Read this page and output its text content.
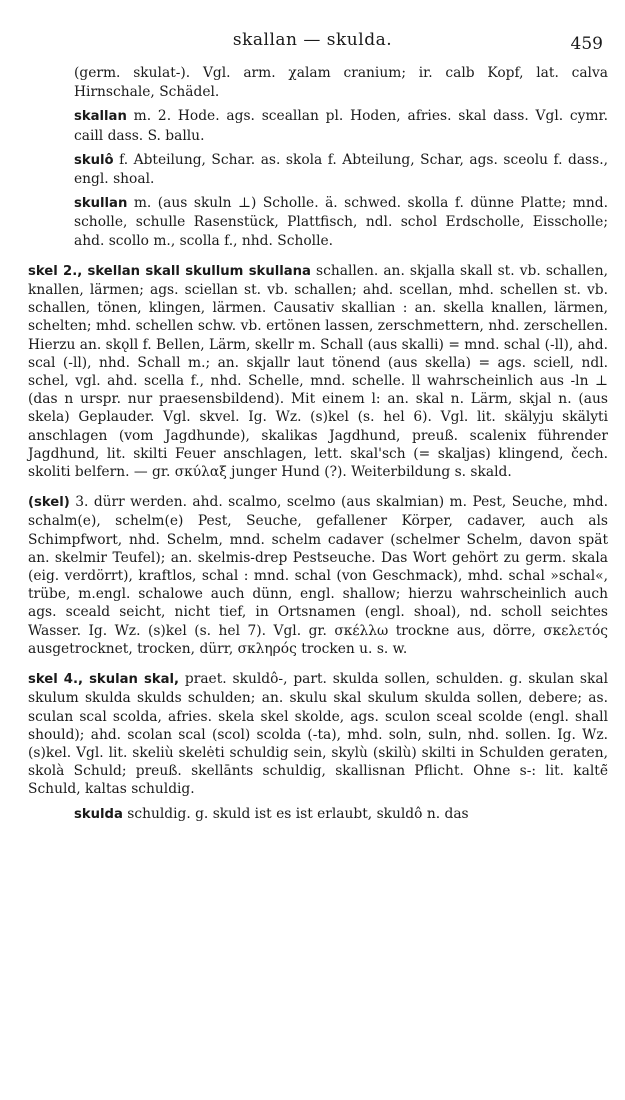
skallan — skulda.	459

(germ. skulat-). Vgl. arm. χalam cranium; ir. calb Kopf, lat. calva Hirnschale, Schädel.

skallan m. 2. Hode. ags. sceallan pl. Hoden, afries. skal dass. Vgl. cymr. caill dass. S. ballu.

skulô f. Abteilung, Schar. as. skola f. Abteilung, Schar, ags. sceolu f. dass., engl. shoal.

skullan m. (aus skuln ⊥) Scholle. ä. schwed. skolla f. dünne Platte; mnd. scholle, schulle Rasenstück, Plattfisch, ndl. schol Erdscholle, Eisscholle; ahd. scollo m., scolla f., nhd. Scholle.

skel 2., skellan skall skullum skullana schallen. an. skjalla skall st. vb. schallen, knallen, lärmen; ags. sciellan st. vb. schallen; ahd. scellan, mhd. schellen st. vb. schallen, tönen, klingen, lärmen. Causativ skallian : an. skella knallen, lärmen, schelten; mhd. schellen schw. vb. ertönen lassen, zerschmettern, nhd. zerschellen. Hierzu an. skǫll f. Bellen, Lärm, skellr m. Schall (aus skalli) = mnd. schal (-ll), ahd. scal (-ll), nhd. Schall m.; an. skjallr laut tönend (aus skella) = ags. sciell, ndl. schel, vgl. ahd. scella f., nhd. Schelle, mnd. schelle. ll wahrscheinlich aus -ln ⊥ (das n urspr. nur praesensbildend). Mit einem l: an. skal n. Lärm, skjal n. (aus skela) Geplauder. Vgl. skvel. Ig. Wz. (s)kel (s. hel 6). Vgl. lit. skälyju skälyti anschlagen (vom Jagdhunde), skalikas Jagdhund, preuß. scalenix führender Jagdhund, lit. skilti Feuer anschlagen, lett. skal'sch (= skaljas) klingend, čech. skoliti belfern. — gr. σκύλαξ junger Hund (?). Weiterbildung s. skald.

(skel) 3. dürr werden. ahd. scalmo, scelmo (aus skalmian) m. Pest, Seuche, mhd. schalm(e), schelm(e) Pest, Seuche, gefallener Körper, cadaver, auch als Schimpfwort, nhd. Schelm, mnd. schelm cadaver (schelmer Schelm, davon spät an. skelmir Teufel); an. skelmis-drep Pestseuche. Das Wort gehört zu germ. skala (eig. verdörrt), kraftlos, schal : mnd. schal (von Geschmack), mhd. schal »schal«, trübe, m.engl. schalowe auch dünn, engl. shallow; hierzu wahrscheinlich auch ags. sceald seicht, nicht tief, in Ortsnamen (engl. shoal), nd. scholl seichtes Wasser. Ig. Wz. (s)kel (s. hel 7). Vgl. gr. σκέλλω trockne aus, dörre, σκελετός ausgetrocknet, trocken, dürr, σκληρός trocken u. s. w.

skel 4., skulan skal, praet. skuldô-, part. skulda sollen, schulden. g. skulan skal skulum skulda skulds schulden; an. skulu skal skulum skulda sollen, debere; as. sculan scal scolda, afries. skela skel skolde, ags. sculon sceal scolde (engl. shall should); ahd. scolan scal (scol) scolda (-ta), mhd. soln, suln, nhd. sollen. Ig. Wz. (s)kel. Vgl. lit. skeliù skelėti schuldig sein, skylù (skilù) skilti in Schulden geraten, skolà Schuld; preuß. skellānts schuldig, skallisnan Pflicht. Ohne s-: lit. kaltė̃ Schuld, kaltas schuldig.

skulda schuldig. g. skuld ist es ist erlaubt, skuldô n. das
